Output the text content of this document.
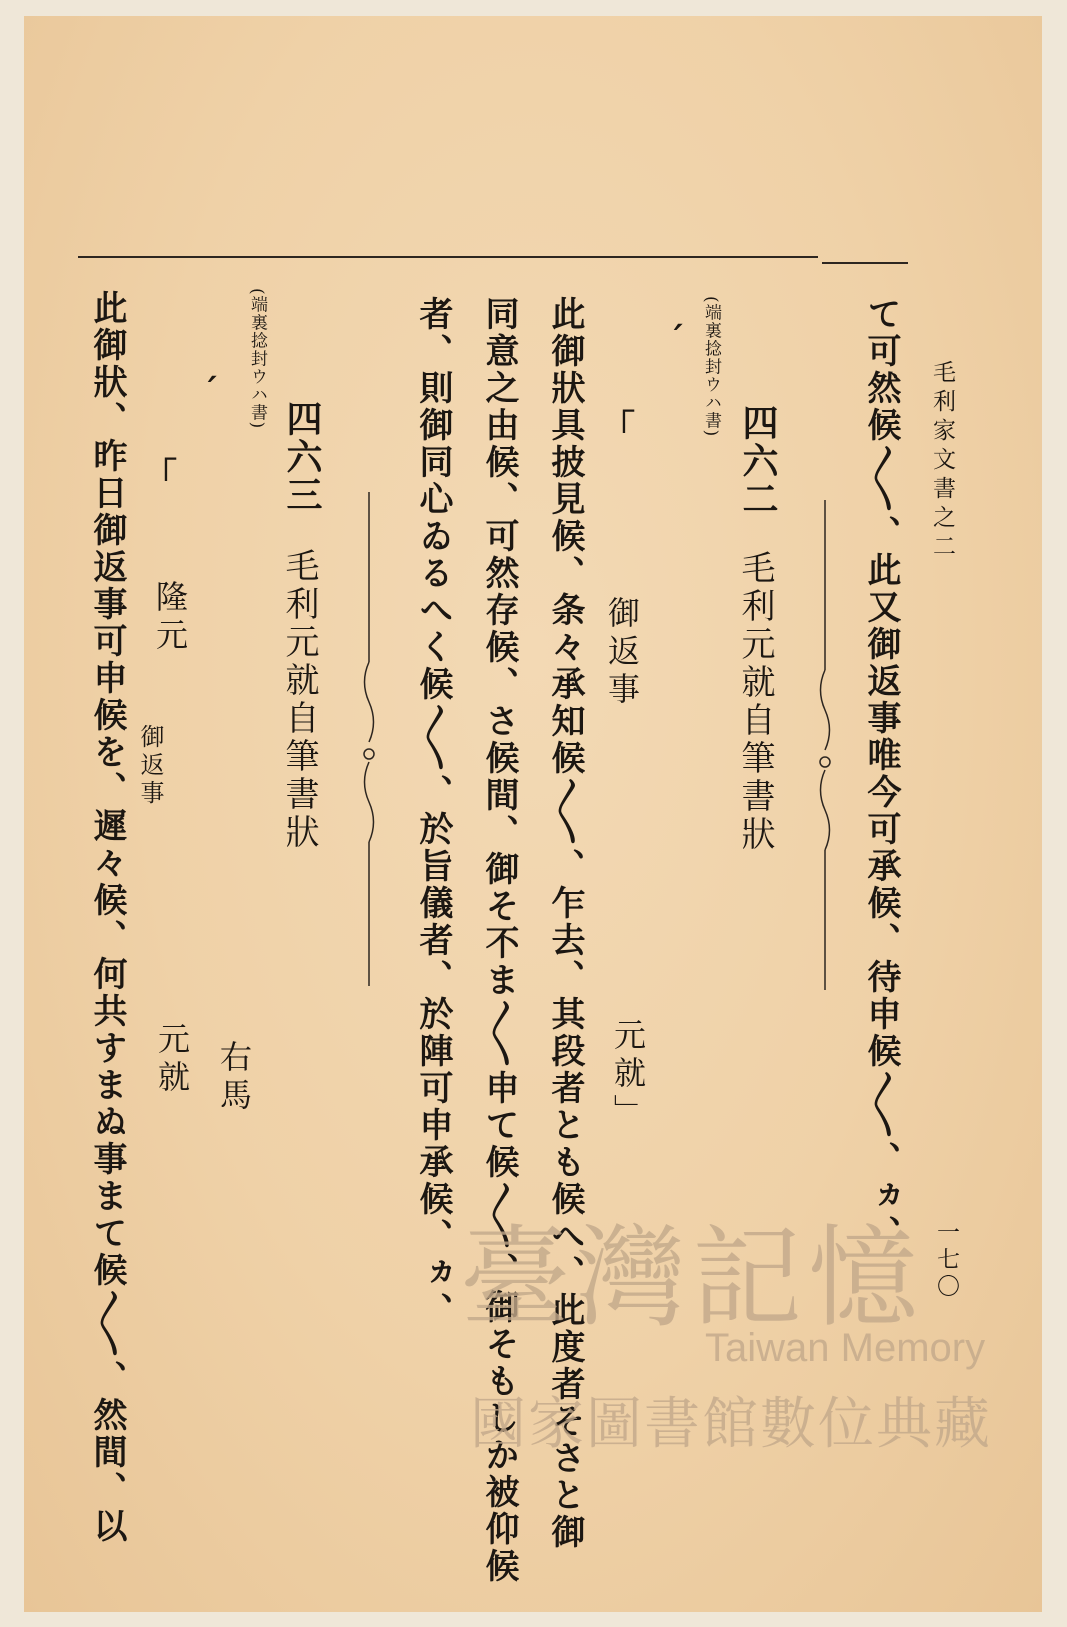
毛利家文書之二
一七〇
て可然候〳〵、此又御返事唯今可承候、待申候〳〵、ヵ、
四六二
毛利元就自筆書狀
(端裏捻封ウハ書)
ˊ
｢
御返事
元就」
此御狀具披見候、条々承知候〳〵、乍去、其段者とも候へ、此度者そさと御
同意之由候、可然存候、さ候間、御そ不ま〳〵申て候〳〵、御そもしか被仰候
者、則御同心ゐるへく候〳〵、於旨儀者、於陣可申承候、ヵ、
四六三
毛利元就自筆書狀
(端裏捻封ウハ書)
ˊ
｢
隆元
御返事
右馬
元就
此御狀、昨日御返事可申候を、遲々候、何共すまぬ事まて候〳〵、然間、以	臺灣記憶
Taiwan Memory
國家圖書館數位典藏
